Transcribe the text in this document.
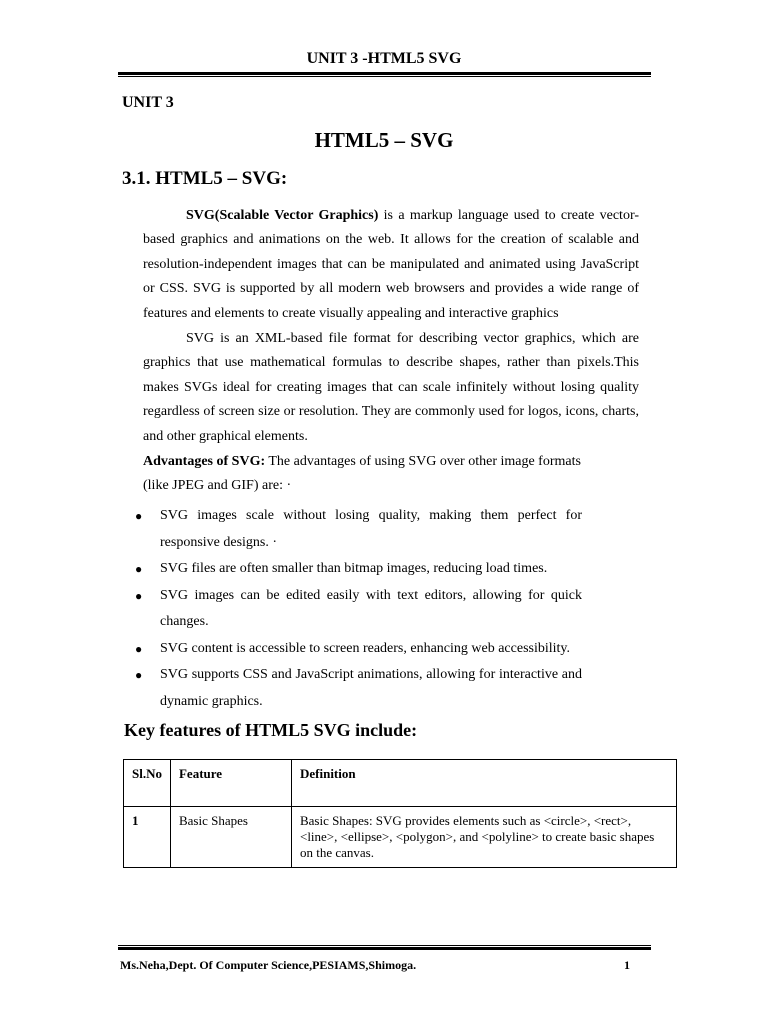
UNIT 3 -HTML5 SVG
UNIT 3
HTML5 – SVG
3.1. HTML5 – SVG:

SVG(Scalable Vector Graphics) is a markup language used to create vector-based graphics and animations on the web. It allows for the creation of scalable and resolution-independent images that can be manipulated and animated using JavaScript or CSS. SVG is supported by all modern web browsers and provides a wide range of features and elements to create visually appealing and interactive graphics

SVG is an XML-based file format for describing vector graphics, which are graphics that use mathematical formulas to describe shapes, rather than pixels.This makes SVGs ideal for creating images that can scale infinitely without losing quality regardless of screen size or resolution. They are commonly used for logos, icons, charts, and other graphical elements.

Advantages of SVG: The advantages of using SVG over other image formats (like JPEG and GIF) are: ·

● SVG images scale without losing quality, making them perfect for responsive designs. ·
● SVG files are often smaller than bitmap images, reducing load times.
● SVG images can be edited easily with text editors, allowing for quick changes.
● SVG content is accessible to screen readers, enhancing web accessibility.
● SVG supports CSS and JavaScript animations, allowing for interactive and dynamic graphics.
Key features of HTML5 SVG include:
Sl.No	Feature	Definition
1	Basic Shapes	Basic Shapes: SVG provides elements such as <circle>, <rect>, <line>, <ellipse>, <polygon>, and <polyline> to create basic shapes on the canvas.
Ms.Neha,Dept. Of Computer Science,PESIAMS,Shimoga.	1
